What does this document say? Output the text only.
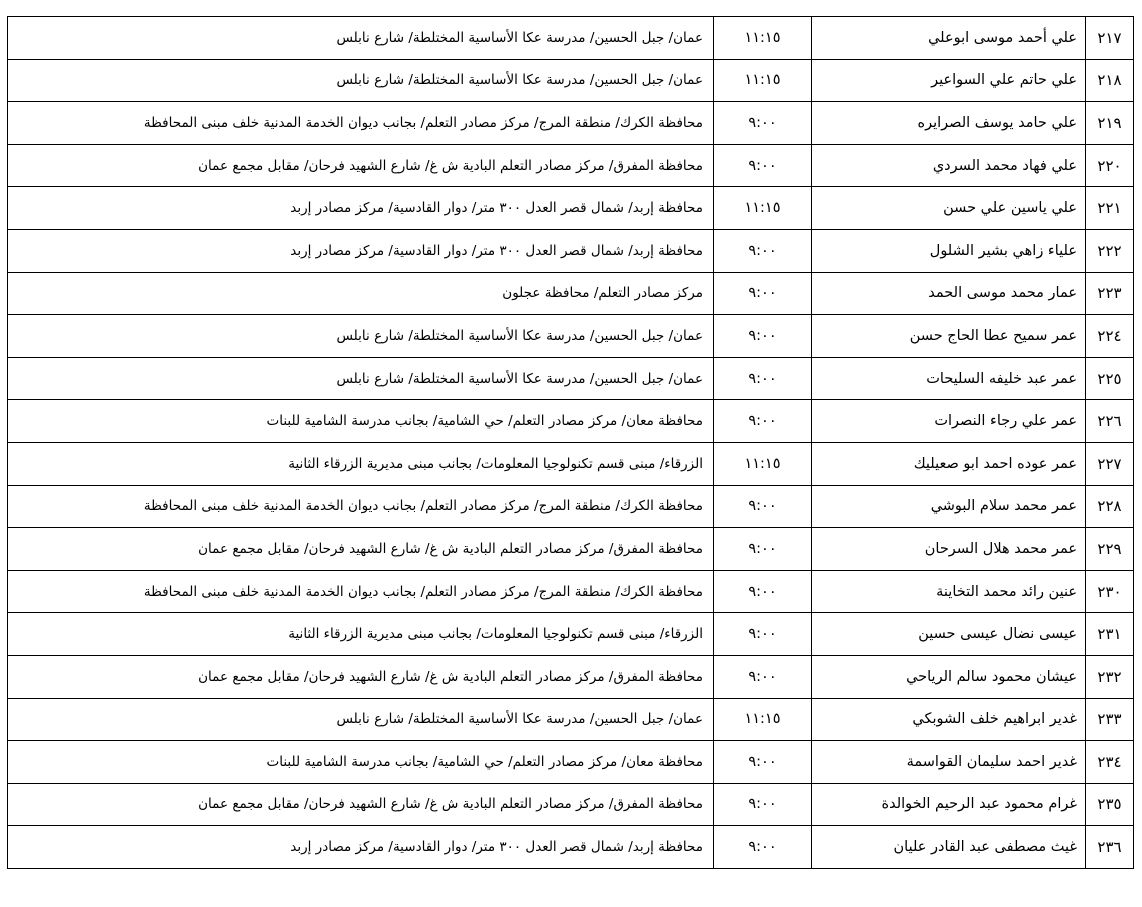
٢١٧	علي أحمد موسى ابوعلي	١١:١٥	عمان/ جبل الحسين/ مدرسة عكا الأساسية المختلطة/ شارع نابلس
٢١٨	علي حاتم علي السواعير	١١:١٥	عمان/ جبل الحسين/ مدرسة عكا الأساسية المختلطة/ شارع نابلس
٢١٩	علي حامد يوسف الصرايره	٩:٠٠	محافظة الكرك/ منطقة المرج/ مركز مصادر التعلم/ بجانب ديوان الخدمة المدنية خلف مبنى المحافظة
٢٢٠	علي فهاد محمد السردي	٩:٠٠	محافظة المفرق/ مركز مصادر التعلم البادية ش غ/ شارع الشهيد فرحان/ مقابل مجمع عمان
٢٢١	علي ياسين علي حسن	١١:١٥	محافظة إربد/ شمال قصر العدل ٣٠٠ متر/ دوار القادسية/ مركز مصادر إربد
٢٢٢	علياء زاهي بشير الشلول	٩:٠٠	محافظة إربد/ شمال قصر العدل ٣٠٠ متر/ دوار القادسية/ مركز مصادر إربد
٢٢٣	عمار محمد موسى الحمد	٩:٠٠	مركز مصادر التعلم/ محافظة عجلون
٢٢٤	عمر سميح عطا الحاج حسن	٩:٠٠	عمان/ جبل الحسين/ مدرسة عكا الأساسية المختلطة/ شارع نابلس
٢٢٥	عمر عبد خليفه السليحات	٩:٠٠	عمان/ جبل الحسين/ مدرسة عكا الأساسية المختلطة/ شارع نابلس
٢٢٦	عمر علي رجاء النصرات	٩:٠٠	محافظة معان/ مركز مصادر التعلم/ حي الشامية/ بجانب مدرسة الشامية للبنات
٢٢٧	عمر عوده احمد ابو صعيليك	١١:١٥	الزرقاء/ مبنى قسم تكنولوجيا المعلومات/ بجانب مبنى مديرية الزرقاء الثانية
٢٢٨	عمر محمد سلام البوشي	٩:٠٠	محافظة الكرك/ منطقة المرج/ مركز مصادر التعلم/ بجانب ديوان الخدمة المدنية خلف مبنى المحافظة
٢٢٩	عمر محمد هلال السرحان	٩:٠٠	محافظة المفرق/ مركز مصادر التعلم البادية ش غ/ شارع الشهيد فرحان/ مقابل مجمع عمان
٢٣٠	عنين رائد محمد التخاينة	٩:٠٠	محافظة الكرك/ منطقة المرج/ مركز مصادر التعلم/ بجانب ديوان الخدمة المدنية خلف مبنى المحافظة
٢٣١	عيسى نضال عيسى حسين	٩:٠٠	الزرقاء/ مبنى قسم تكنولوجيا المعلومات/ بجانب مبنى مديرية الزرقاء الثانية
٢٣٢	عيشان محمود سالم الرياحي	٩:٠٠	محافظة المفرق/ مركز مصادر التعلم البادية ش غ/ شارع الشهيد فرحان/ مقابل مجمع عمان
٢٣٣	غدير ابراهيم خلف الشوبكي	١١:١٥	عمان/ جبل الحسين/ مدرسة عكا الأساسية المختلطة/ شارع نابلس
٢٣٤	غدير احمد سليمان القواسمة	٩:٠٠	محافظة معان/ مركز مصادر التعلم/ حي الشامية/ بجانب مدرسة الشامية للبنات
٢٣٥	غرام محمود عبد الرحيم الخوالدة	٩:٠٠	محافظة المفرق/ مركز مصادر التعلم البادية ش غ/ شارع الشهيد فرحان/ مقابل مجمع عمان
٢٣٦	غيث مصطفى عبد القادر عليان	٩:٠٠	محافظة إربد/ شمال قصر العدل ٣٠٠ متر/ دوار القادسية/ مركز مصادر إربد
